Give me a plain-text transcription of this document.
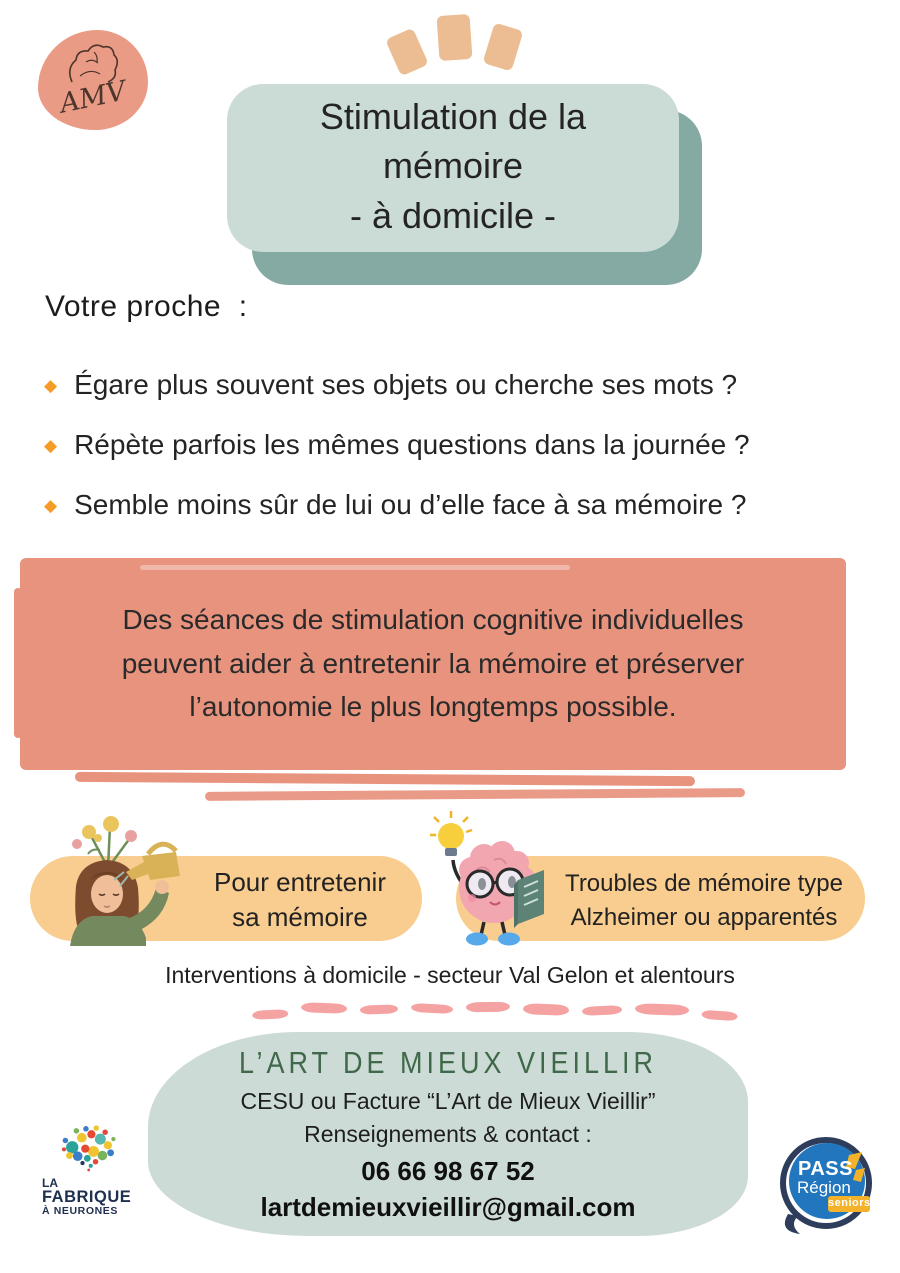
AMV	Stimulation de la
mémoire
- à domicile -
Votre proche  :
◆ Égare plus souvent ses objets ou cherche ses mots ?
◆ Répète parfois les mêmes questions dans la journée ?
◆ Semble moins sûr de lui ou d’elle face à sa mémoire ?
Des séances de stimulation cognitive individuelles
peuvent aider à entretenir la mémoire et préserver
l’autonomie le plus longtemps possible.
Pour entretenir
sa mémoire
Troubles de mémoire type
Alzheimer ou apparentés
Interventions à domicile - secteur Val Gelon et alentours
L’ART DE MIEUX VIEILLIR
CESU ou Facture “L’Art de Mieux Vieillir”
Renseignements & contact :
06 66 98 67 52
lartdemieuxvieillir@gmail.com
LA
FABRIQUE
À NEURONES
PASS
Région
seniors
